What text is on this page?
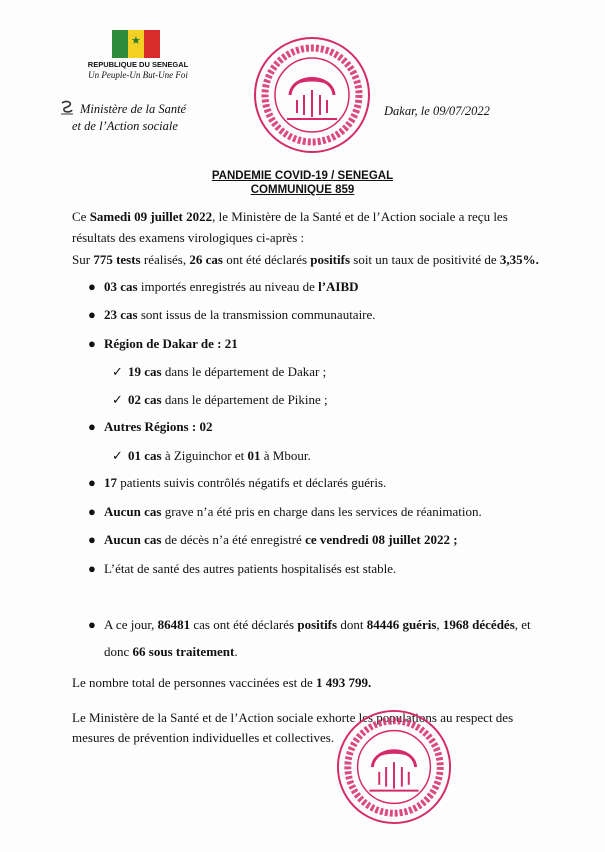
★
REPUBLIQUE DU SENEGAL
Un Peuple-Un But-Une Foi
Ministère de la Santé
et de l’Action sociale
Dakar, le 09/07/2022
PANDEMIE COVID-19 / SENEGAL
COMMUNIQUE 859

Ce Samedi 09 juillet 2022, le Ministère de la Santé et de l’Action sociale a reçu les résultats des examens virologiques ci-après :

Sur 775 tests réalisés, 26 cas ont été déclarés positifs soit un taux de positivité de 3,35%.

● 03 cas importés enregistrés au niveau de l’AIBD
● 23 cas sont issus de la transmission communautaire.
● Région de Dakar de : 21
✓ 19 cas dans le département de Dakar ;
✓ 02 cas dans le département de Pikine ;
● Autres Régions : 02
✓ 01 cas à Ziguinchor et 01 à Mbour.
● 17 patients suivis contrôlés négatifs et déclarés guéris.
● Aucun cas grave n’a été pris en charge dans les services de réanimation.
● Aucun cas de décès n’a été enregistré ce vendredi 08 juillet 2022 ;
● L’état de santé des autres patients hospitalisés est stable.
● A ce jour, 86481 cas ont été déclarés positifs dont 84446 guéris, 1968 décédés, et donc 66 sous traitement.

Le nombre total de personnes vaccinées est de 1 493 799.

Le Ministère de la Santé et de l’Action sociale exhorte les populations au respect des mesures de prévention individuelles et collectives.
